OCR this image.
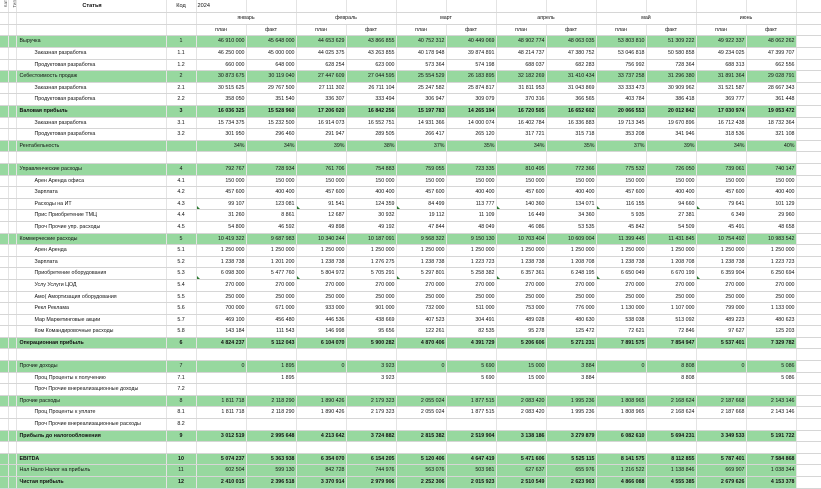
Кат	Тип	Статья	Код	2024												
				январь		февраль		март		апрель		май		июнь		
				план	факт	план	факт	план	факт	план	факт	план	факт	план	факт	
		Выручка	1	46 910 000	45 648 000	44 653 629	43 866 855	40 752 312	40 449 069	48 902 774	48 063 035	53 803 810	51 309 222	49 922 337	48 062 262	
		Заказная разработка	1.1	46 250 000	45 000 000	44 025 375	43 263 855	40 178 948	39 874 891	48 214 737	47 380 752	53 046 818	50 580 858	49 234 025	47 399 707	
		Продуктовая разработка	1.2	660 000	648 000	628 254	623 000	573 364	574 198	688 037	682 283	756 992	728 364	688 313	662 556	
		Себестоимость продаж	2	30 873 675	30 119 040	27 447 609	27 044 595	25 554 529	26 183 895	32 182 269	31 410 434	33 737 258	31 296 380	31 891 364	29 028 791	
		Заказная разработка	2.1	30 515 625	29 767 500	27 111 302	26 711 104	25 247 582	25 874 817	31 811 953	31 043 869	33 333 473	30 909 962	31 521 587	28 667 343	
		Продуктовая разработка	2.2	358 050	351 540	336 307	333 494	306 947	309 079	370 316	366 565	403 784	386 418	369 777	361 448	
		Валовая прибыль	3	16 036 325	15 528 960	17 206 020	16 842 256	15 197 783	14 265 194	16 720 505	16 652 602	20 066 553	20 012 842	17 030 974	19 053 472	
		Заказная разработка	3.1	15 734 375	15 232 500	16 914 073	16 552 751	14 931 366	14 000 074	16 402 784	16 336 883	19 713 345	19 670 896	16 712 438	18 732 364	
		Продуктовая разработка	3.2	301 950	296 460	291 947	289 505	266 417	265 120	317 721	315 718	353 208	341 946	318 536	321 108	
		Рентабельность		34%	34%	39%	38%	37%	35%	34%	35%	37%	39%	34%	40%	

		Управленческие расходы	4	792 767	728 934	761 706	754 883	759 055	723 335	810 495	772 366	775 532	726 050	739 061	740 147	
		Арен Аренда офиса	4.1	150 000	150 000	150 000	150 000	150 000	150 000	150 000	150 000	150 000	150 000	150 000	150 000	
		Зарплата	4.2	457 600	400 400	457 600	400 400	457 600	400 400	457 600	400 400	457 600	400 400	457 600	400 400	
		Расходы на ИТ	4.3	99 107	123 081	91 541	124 359	84 499	113 777	140 360	134 071	116 155	94 660	79 641	101 129	
		Прис Приобретение ТМЦ	4.4	31 260	8 861	12 687	30 932	19 112	11 109	16 449	34 360	5 935	27 381	6 349	29 960	
		Проч Прочие упр. расходы	4.5	54 800	46 592	49 898	49 192	47 844	48 049	46 086	53 535	45 842	54 509	45 491	48 658	
		Коммерческие расходы	5	10 419 322	9 687 983	10 340 244	10 187 091	9 568 322	9 150 130	10 703 404	10 609 004	11 399 445	11 431 845	10 754 492	10 983 542	
		Арен Аренда	5.1	1 250 000	1 250 000	1 250 000	1 250 000	1 250 000	1 250 000	1 250 000	1 250 000	1 250 000	1 250 000	1 250 000	1 250 000	
		Зарплата	5.2	1 238 738	1 201 200	1 238 738	1 276 275	1 238 738	1 223 723	1 238 738	1 208 708	1 238 738	1 208 708	1 238 738	1 223 723	
		Приобретение оборудования	5.3	6 098 300	5 477 760	5 804 972	5 705 291	5 297 801	5 258 382	6 357 361	6 248 195	6 650 049	6 670 199	6 359 904	6 250 694	
		Услу Услуги ЦОД	5.4	270 000	270 000	270 000	270 000	270 000	270 000	270 000	270 000	270 000	270 000	270 000	270 000	
		Амо( Амортизация оборудования	5.5	250 000	250 000	250 000	250 000	250 000	250 000	250 000	250 000	250 000	250 000	250 000	250 000	
		Рекл Реклама	5.6	700 000	671 000	933 000	901 000	732 000	511 000	753 000	776 000	1 130 000	1 107 000	799 000	1 133 000	
		Мар Маркетинговые акции	5.7	469 100	456 480	446 536	438 669	407 523	304 491	489 028	480 630	538 038	513 092	489 223	480 623	
		Ком Командировочные расходы	5.8	143 184	111 543	146 998	95 656	122 261	82 535	95 278	125 472	72 621	72 846	97 627	125 203	
		Операционная прибыль	6	4 824 237	5 112 043	6 104 070	5 900 282	4 870 406	4 391 729	5 206 606	5 271 231	7 891 575	7 854 947	5 537 401	7 329 782	

		Прочие доходы	7	0	1 895	0	3 923	0	5 690	15 000	3 884	0	8 808	0	5 086	
		Проц Проценты к получению	7.1		1 895		3 923		5 690	15 000	3 884		8 808		5 086	
		Проч Прочие внереализационные доходы	7.2													
		Прочие расходы	8	1 811 718	2 118 290	1 890 426	2 179 323	2 055 024	1 877 515	2 083 420	1 995 236	1 808 965	2 168 624	2 187 668	2 143 146	
		Проц Проценты к уплате	8.1	1 811 718	2 118 290	1 890 426	2 179 323	2 055 024	1 877 515	2 083 420	1 995 236	1 808 965	2 168 624	2 187 668	2 143 146	
		Проч Прочие внереализационные расходы	8.2													
		Прибыль до налогообложения	9	3 012 519	2 995 648	4 213 642	3 724 882	2 815 382	2 519 904	3 138 186	3 279 879	6 082 610	5 694 231	3 349 533	5 191 722	

		EBITDA	10	5 074 237	5 363 938	6 354 070	6 154 205	5 120 406	4 647 419	5 471 606	5 525 115	8 141 575	8 112 855	5 787 401	7 584 868	
		Нал Нало Налог на прибыль	11	602 504	599 130	842 728	744 976	563 076	503 981	627 637	655 976	1 216 522	1 138 846	669 907	1 038 344	
		Чистая прибыль	12	2 410 015	2 396 518	3 370 914	2 979 906	2 252 306	2 015 923	2 510 549	2 623 903	4 866 088	4 555 385	2 679 626	4 153 378	
